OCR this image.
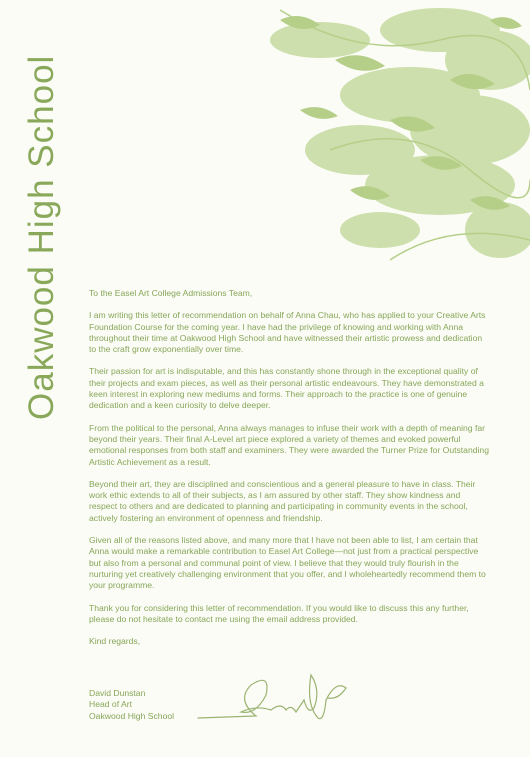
Oakwood High School	To the Easel Art College Admissions Team,

I am writing this letter of recommendation on behalf of Anna Chau, who has applied to your Creative Arts Foundation Course for the coming year. I have had the privilege of knowing and working with Anna throughout their time at Oakwood High School and have witnessed their artistic prowess and dedication to the craft grow exponentially over time.

Their passion for art is indisputable, and this has constantly shone through in the exceptional quality of their projects and exam pieces, as well as their personal artistic endeavours. They have demonstrated a keen interest in exploring new mediums and forms. Their approach to the practice is one of genuine dedication and a keen curiosity to delve deeper.

From the political to the personal, Anna always manages to infuse their work with a depth of meaning far beyond their years. Their final A-Level art piece explored a variety of themes and evoked powerful emotional responses from both staff and examiners. They were awarded the Turner Prize for Outstanding Artistic Achievement as a result.

Beyond their art, they are disciplined and conscientious and a general pleasure to have in class. Their work ethic extends to all of their subjects, as I am assured by other staff. They show kindness and respect to others and are dedicated to planning and participating in community events in the school, actively fostering an environment of openness and friendship.

Given all of the reasons listed above, and many more that I have not been able to list, I am certain that Anna would make a remarkable contribution to Easel Art College—not just from a practical perspective but also from a personal and communal point of view. I believe that they would truly flourish in the nurturing yet creatively challenging environment that you offer, and I wholeheartedly recommend them to your programme.

Thank you for considering this letter of recommendation. If you would like to discuss this any further, please do not hesitate to contact me using the email address provided.

Kind regards,

David Dunstan
Head of Art
Oakwood High School
